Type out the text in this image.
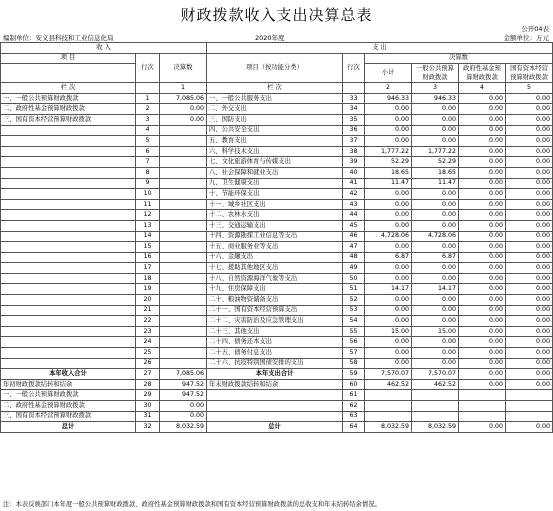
财政拨款收入支出决算总表
公开04表
编制单位：安义县科技和工业信息化局	2020年度	金额单位：万元
收 入			支 出					
项 目	行次	决算数	项目（按功能分类）	行次	决算数			
					小计	一般公共预算财政拨款	政府性基金预算财政拨款	国有资本经营预算财政拨款

栏 次		1	栏 次		2	3	4	5
一、一般公共预算财政拨款	1	7,085.06	一、一般公共服务支出	33	946.33	946.33	0.00	0.00
二、政府性基金预算财政拨款	2	0.00	二、外交支出	34	0.00	0.00	0.00	0.00
三、国有资本经营预算财政拨款	3	0.00	三、国防支出	35	0.00	0.00	0.00	0.00
	4		四、公共安全支出	36	0.00	0.00	0.00	0.00
	5		五、教育支出	37	0.00	0.00	0.00	0.00
	6		六、科学技术支出	38	1,777.22	1,777.22	0.00	0.00
	7		七、文化旅游体育与传媒支出	39	52.29	52.29	0.00	0.00
	8		八、社会保障和就业支出	40	18.65	18.65	0.00	0.00
	9		九、卫生健康支出	41	11.47	11.47	0.00	0.00
	10		十、节能环保支出	42	0.00	0.00	0.00	0.00
	11		十一、城乡社区支出	43	0.00	0.00	0.00	0.00
	12		十二、农林水支出	44	0.00	0.00	0.00	0.00
	13		十三、交通运输支出	45	0.00	0.00	0.00	0.00
	14		十四、资源勘探工业信息等支出	46	4,728.06	4,728.06	0.00	0.00
	15		十五、商业服务业等支出	47	0.00	0.00	0.00	0.00
	16		十六、金融支出	48	6.87	6.87	0.00	0.00
	17		十七、援助其他地区支出	49	0.00	0.00	0.00	0.00
	18		十八、自然资源海洋气象等支出	50	0.00	0.00	0.00	0.00
	19		十九、住房保障支出	51	14.17	14.17	0.00	0.00
	20		二十、粮油物资储备支出	52	0.00	0.00	0.00	0.00
	21		二十一、国有资本经营预算支出	53	0.00	0.00	0.00	0.00
	22		二十二、灾害防治及应急管理支出	54	0.00	0.00	0.00	0.00
	23		二十三、其他支出	55	15.00	15.00	0.00	0.00
	24		二十四、债务还本支出	56	0.00	0.00	0.00	0.00
	25		二十五、债务付息支出	57	0.00	0.00	0.00	0.00
	26		二十六、抗疫特别国债安排的支出	58	0.00	0.00	0.00	0.00
本年收入合计	27	7,085.06	本年支出合计	59	7,570.07	7,570.07	0.00	0.00
年初财政拨款结转和结余	28	947.52	年末财政拨款结转和结余	60	462.52	462.52	0.00	0.00
一、一般公共预算财政拨款	29	947.52		61				
二、政府性基金预算财政拨款	30	0.00		62				
三、国有资本经营预算财政拨款	31	0.00		63				
总计	32	8,032.59	总计	64	8,032.59	8,032.59	0.00	0.00
注：本表反映部门本年度一般公共预算财政拨款、政府性基金预算财政拨款和国有资本经营预算财政拨款的总收支和年末结转结余情况。
